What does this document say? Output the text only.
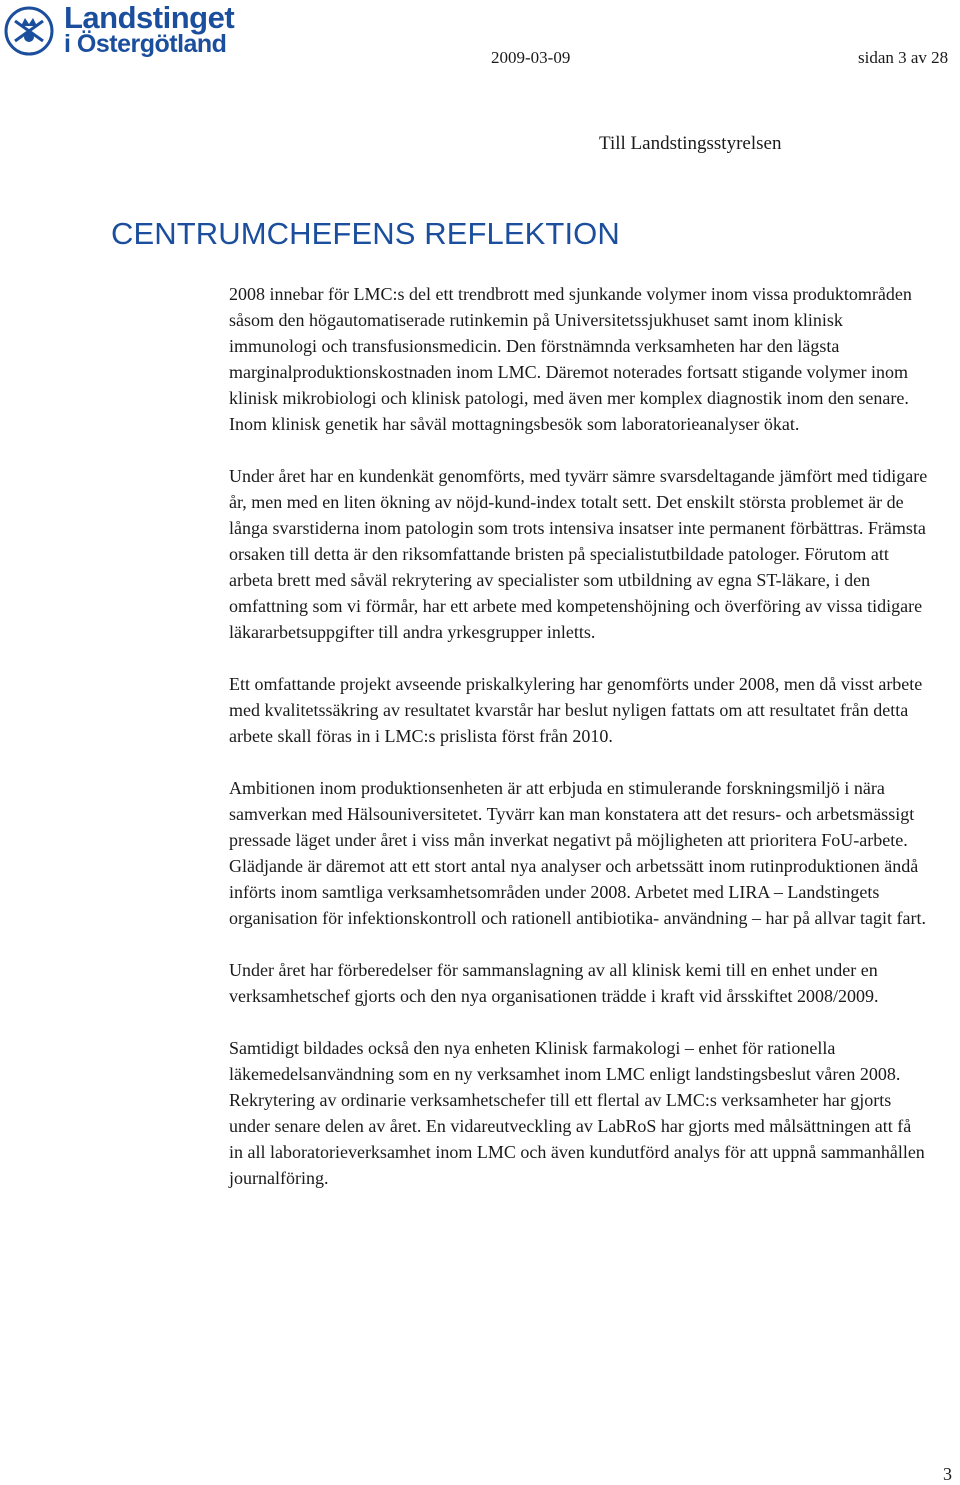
Landstinget
i Östergötland	2009-03-09	sidan 3 av 28
Till Landstingsstyrelsen
CENTRUMCHEFENS REFLEKTION

2008 innebar för LMC:s del ett trendbrott med sjunkande volymer inom vissa produktområden såsom den högautomatiserade rutinkemin på Universitetssjukhuset samt inom klinisk immunologi och transfusionsmedicin. Den förstnämnda verksamheten har den lägsta marginalproduktionskostnaden inom LMC. Däremot noterades fortsatt stigande volymer inom klinisk mikrobiologi och klinisk patologi, med även mer komplex diagnostik inom den senare. Inom klinisk genetik har såväl mottagningsbesök som laboratorieanalyser ökat.

Under året har en kundenkät genomförts, med tyvärr sämre svarsdeltagande jämfört med tidigare år, men med en liten ökning av nöjd-kund-index totalt sett. Det enskilt största problemet är de långa svarstiderna inom patologin som trots intensiva insatser inte permanent förbättras. Främsta orsaken till detta är den riksomfattande bristen på specialistutbildade patologer. Förutom att arbeta brett med såväl rekrytering av specialister som utbildning av egna ST-läkare, i den omfattning som vi förmår, har ett arbete med kompetenshöjning och överföring av vissa tidigare läkararbetsuppgifter till andra yrkesgrupper inletts.

Ett omfattande projekt avseende priskalkylering har genomförts under 2008, men då visst arbete med kvalitetssäkring av resultatet kvarstår har beslut nyligen fattats om att resultatet från detta arbete skall föras in i LMC:s prislista först från 2010.

Ambitionen inom produktionsenheten är att erbjuda en stimulerande forskningsmiljö i nära samverkan med Hälsouniversitetet. Tyvärr kan man konstatera att det resurs- och arbetsmässigt pressade läget under året i viss mån inverkat negativt på möjligheten att prioritera FoU-arbete. Glädjande är däremot att ett stort antal nya analyser och arbetssätt inom rutinproduktionen ändå införts inom samtliga verksamhetsområden under 2008. Arbetet med LIRA – Landstingets organisation för infektionskontroll och rationell antibiotika- användning – har på allvar tagit fart.

Under året har förberedelser för sammanslagning av all klinisk kemi till en enhet under en verksamhetschef gjorts och den nya organisationen trädde i kraft vid årsskiftet 2008/2009.

Samtidigt bildades också den nya enheten Klinisk farmakologi – enhet för rationella läkemedelsanvändning som en ny verksamhet inom LMC enligt landstingsbeslut våren 2008. Rekrytering av ordinarie verksamhetschefer till ett flertal av LMC:s verksamheter har gjorts under senare delen av året. En vidareutveckling av LabRoS har gjorts med målsättningen att få in all laboratorieverksamhet inom LMC och även kundutförd analys för att uppnå sammanhållen journalföring.

3
